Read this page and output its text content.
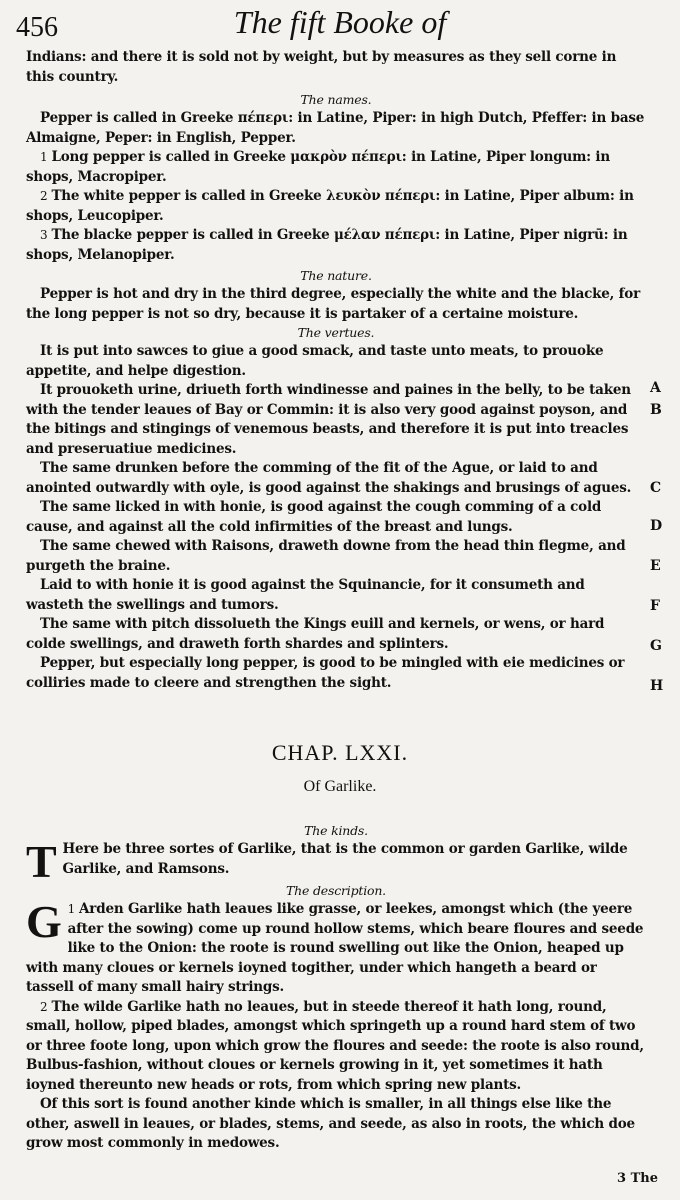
456	The fift Booke of

Indians: and there it is sold not by weight, but by measures as they sell corne in this country.

The names.

Pepper is called in Greeke πέπερι: in Latine, Piper: in high Dutch, Pfeffer: in base Almaigne, Peper: in English, Pepper.

1 Long pepper is called in Greeke μακρὸν πέπερι: in Latine, Piper longum: in shops, Macropiper.

2 The white pepper is called in Greeke λευκὸν πέπερι: in Latine, Piper album: in shops, Leucopiper.

3 The blacke pepper is called in Greeke μέλαν πέπερι: in Latine, Piper nigrū: in shops, Melanopiper.

The nature.

Pepper is hot and dry in the third degree, especially the white and the blacke, for the long pepper is not so dry, because it is partaker of a certaine moisture.

The vertues.

It is put into sawces to giue a good smack, and taste unto meats, to prouoke appetite, and helpe digestion.

It prouoketh urine, driueth forth windinesse and paines in the belly, to be taken with the tender leaues of Bay or Commin: it is also very good against poyson, and the bitings and stingings of venemous beasts, and therefore it is put into treacles and preseruatiue medicines.

The same drunken before the comming of the fit of the Ague, or laid to and anointed outwardly with oyle, is good against the shakings and brusings of agues.

The same licked in with honie, is good against the cough comming of a cold cause, and against all the cold infirmities of the breast and lungs.

The same chewed with Raisons, draweth downe from the head thin flegme, and purgeth the braine.

Laid to with honie it is good against the Squinancie, for it consumeth and wasteth the swellings and tumors.

The same with pitch dissolueth the Kings euill and kernels, or wens, or hard colde swellings, and draweth forth shardes and splinters.

Pepper, but especially long pepper, is good to be mingled with eie medicines or colliries made to cleere and strengthen the sight.

A
B
C
D
E
F
G
H
CHAP. LXXI.
Of Garlike.

The kinds.

T Here be three sortes of Garlike, that is the common or garden Garlike, wilde Garlike, and Ramsons.

The description.

1
G Arden Garlike hath leaues like grasse, or leekes, amongst which (the yeere after the sowing) come up round hollow stems, which beare floures and seede like to the Onion: the roote is round swelling out like the Onion, heaped up with many cloues or kernels ioyned togither, under which hangeth a beard or tassell of many small hairy strings.

2 The wilde Garlike hath no leaues, but in steede thereof it hath long, round, small, hollow, piped blades, amongst which springeth up a round hard stem of two or three foote long, upon which grow the floures and seede: the roote is also round, Bulbus-fashion, without cloues or kernels growing in it, yet sometimes it hath ioyned thereunto new heads or rots, from which spring new plants.

Of this sort is found another kinde which is smaller, in all things else like the other, aswell in leaues, or blades, stems, and seede, as also in roots, the which doe grow most commonly in medowes.

3 The
